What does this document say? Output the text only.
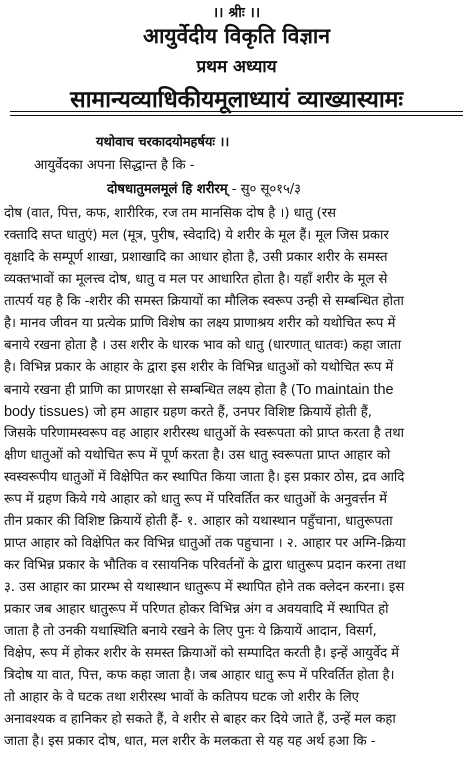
।। श्रीः ।।
आयुर्वेदीय विकृति विज्ञान
प्रथम अध्याय
सामान्यव्याधिकीयमूलाध्यायं व्याख्यास्यामः
यथोवाच चरकादयोमहर्षयः ।।
आयुर्वेदका अपना सिद्धान्त है कि -
दोषधातुमलमूलं हि शरीरम् - सु० सू०१५/३
दोष (वात, पित्त, कफ, शारीरिक, रज तम मानसिक दोष है ।) धातु (रस
रक्तादि सप्त धातुएं) मल (मूत्र, पुरीष, स्वेदादि) ये शरीर के मूल हैं। मूल जिस प्रकार
वृक्षादि के सम्पूर्ण शाखा, प्रशाखादि का आधार होता है, उसी प्रकार शरीर के समस्त
व्यक्तभावों का मूलत्त्व दोष, धातु व मल पर आधारित होता है। यहाँ शरीर के मूल से
तात्पर्य यह है कि -शरीर की समस्त क्रियायों का मौलिक स्वरूप उन्ही से सम्बन्धित होता
है। मानव जीवन या प्रत्येक प्राणि विशेष का लक्ष्य प्राणाश्रय शरीर को यथोचित रूप में
बनाये रखना होता है । उस शरीर के धारक भाव को धातु (धारणात् धातवः) कहा जाता
है। विभिन्न प्रकार के आहार के द्वारा इस शरीर के विभिन्न धातुओं को यथोचित रूप में
बनाये रखना ही प्राणि का प्राणरक्षा से सम्बन्धित लक्ष्य होता है (To maintain the
body tissues) जो हम आहार ग्रहण करते हैं, उनपर विशिष्ट क्रियायें होती हैं,
जिसके परिणामस्वरूप वह आहार शरीरस्थ धातुओं के स्वरूपता को प्राप्त करता है तथा
क्षीण धातुओं को यथोचित रूप में पूर्ण करता है। उस धातु स्वरूपता प्राप्त आहार को
स्वस्वरूपीय धातुओं में विक्षेपित कर स्थापित किया जाता है। इस प्रकार ठोस, द्रव आदि
रूप में ग्रहण किये गये आहार को धातु रूप में परिवर्तित कर धातुओं के अनुवर्त्तन में
तीन प्रकार की विशिष्ट क्रियायें होती हैं- १. आहार को यथास्थान पहुँचाना, धातुरूपता
प्राप्त आहार को विक्षेपित कर विभिन्न धातुओं तक पहुचाना । २. आहार पर अग्नि-क्रिया
कर विभिन्न प्रकार के भौतिक व रसायनिक परिवर्तनों के द्वारा धातुरूप प्रदान करना तथा
३. उस आहार का प्रारम्भ से यथास्थान धातुरूप में स्थापित होने तक क्लेदन करना। इस
प्रकार जब आहार धातुरूप में परिणत होकर विभिन्न अंग व अवयवादि में स्थापित हो
जाता है तो उनकी यथास्थिति बनाये रखने के लिए पुनः ये क्रियायें आदान, विसर्ग,
विक्षेप, रूप में होकर शरीर के समस्त क्रियाओं को सम्पादित करती है। इन्हें आयुर्वेद में
त्रिदोष या वात, पित्त, कफ कहा जाता है। जब आहार धातु रूप में परिवर्तित होता है।
तो आहार के वे घटक तथा शरीरस्थ भावों के कतिपय घटक जो शरीर के लिए
अनावश्यक व हानिकर हो सकते हैं, वे शरीर से बाहर कर दिये जाते हैं, उन्हें मल कहा
जाता है। इस प्रकार दोष, धात, मल शरीर के मलकता से यह यह अर्थ हआ कि -
